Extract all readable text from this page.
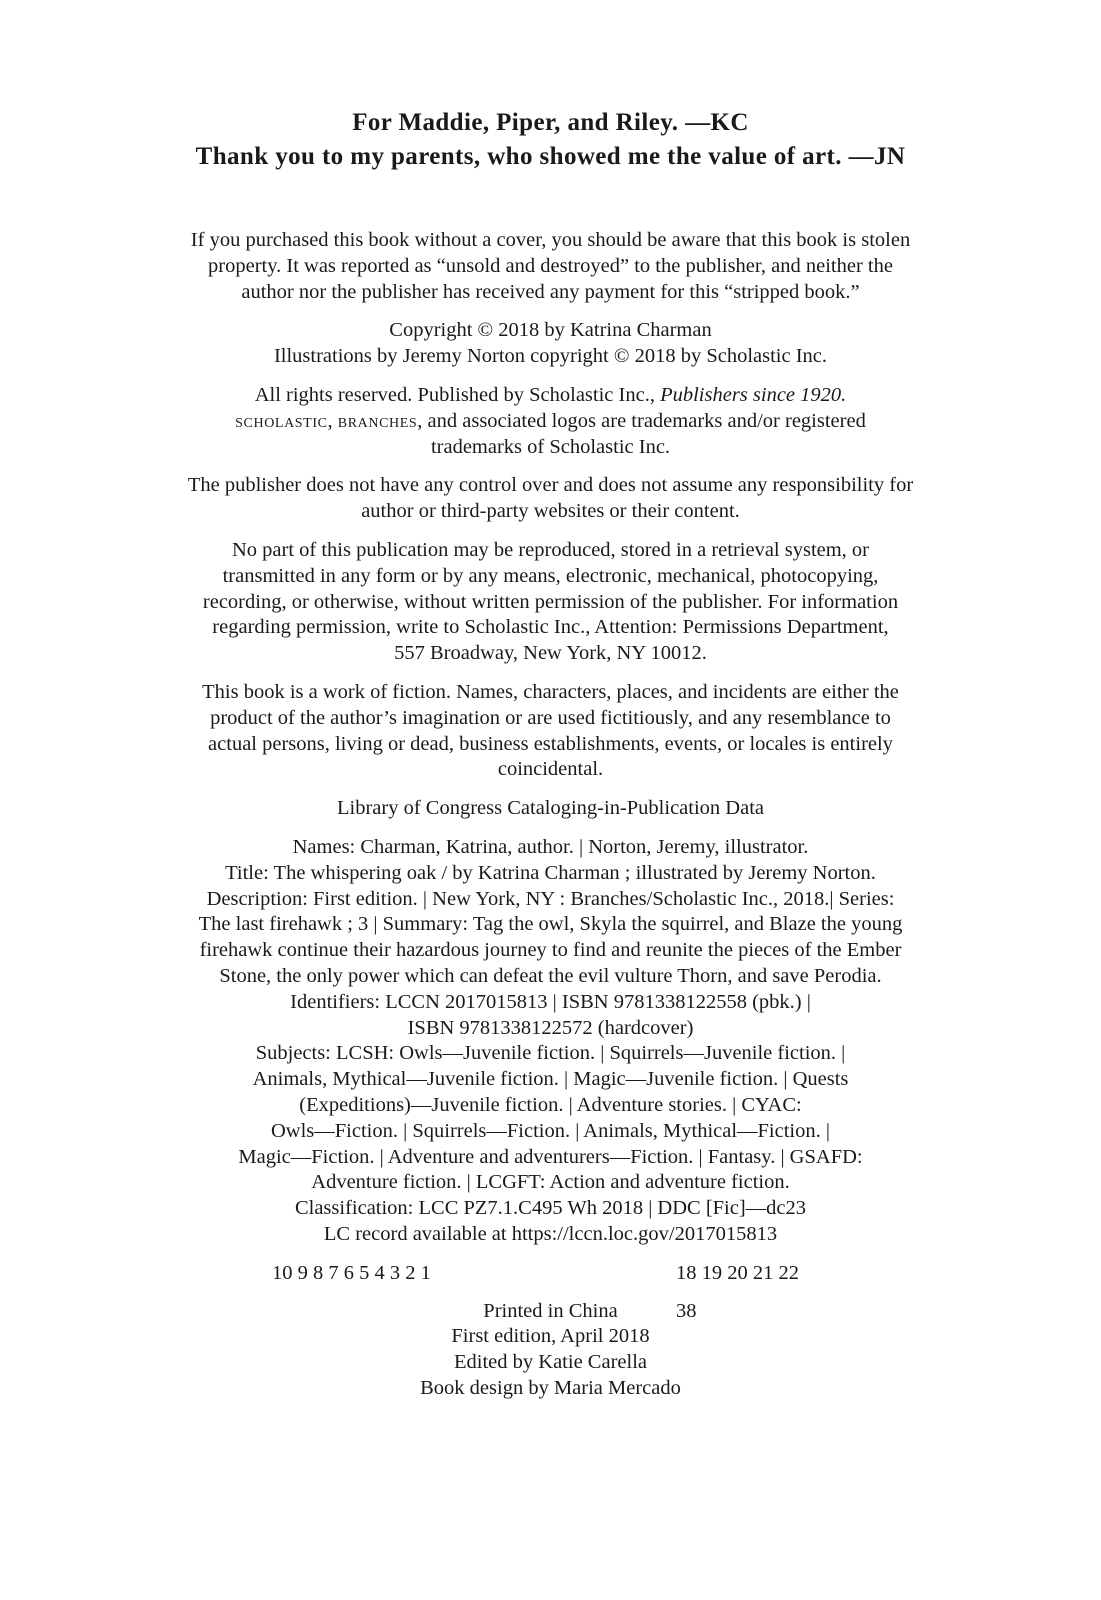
For Maddie, Piper, and Riley. —KC
Thank you to my parents, who showed me the value of art. —JN

If you purchased this book without a cover, you should be aware that this book is stolen
property. It was reported as “unsold and destroyed” to the publisher, and neither the
author nor the publisher has received any payment for this “stripped book.”

Copyright © 2018 by Katrina Charman
Illustrations by Jeremy Norton copyright © 2018 by Scholastic Inc.

All rights reserved. Published by Scholastic Inc., Publishers since 1920.
scholastic, branches, and associated logos are trademarks and/or registered
trademarks of Scholastic Inc.

The publisher does not have any control over and does not assume any responsibility for
author or third-party websites or their content.

No part of this publication may be reproduced, stored in a retrieval system, or
transmitted in any form or by any means, electronic, mechanical, photocopying,
recording, or otherwise, without written permission of the publisher. For information
regarding permission, write to Scholastic Inc., Attention: Permissions Department,
557 Broadway, New York, NY 10012.

This book is a work of fiction. Names, characters, places, and incidents are either the
product of the author’s imagination or are used fictitiously, and any resemblance to
actual persons, living or dead, business establishments, events, or locales is entirely
coincidental.

Library of Congress Cataloging-in-Publication Data

Names: Charman, Katrina, author. | Norton, Jeremy, illustrator.
Title: The whispering oak / by Katrina Charman ; illustrated by Jeremy Norton.
Description: First edition. | New York, NY : Branches/Scholastic Inc., 2018.| Series:
The last firehawk ; 3 | Summary: Tag the owl, Skyla the squirrel, and Blaze the young
firehawk continue their hazardous journey to find and reunite the pieces of the Ember
Stone, the only power which can defeat the evil vulture Thorn, and save Perodia.
Identifiers: LCCN 2017015813 | ISBN 9781338122558 (pbk.) |
ISBN 9781338122572 (hardcover)
Subjects: LCSH: Owls—Juvenile fiction. | Squirrels—Juvenile fiction. |
Animals, Mythical—Juvenile fiction. | Magic—Juvenile fiction. | Quests
(Expeditions)—Juvenile fiction. | Adventure stories. | CYAC:
Owls—Fiction. | Squirrels—Fiction. | Animals, Mythical—Fiction. |
Magic—Fiction. | Adventure and adventurers—Fiction. | Fantasy. | GSAFD:
Adventure fiction. | LCGFT: Action and adventure fiction.
Classification: LCC PZ7.1.C495 Wh 2018 | DDC [Fic]—dc23
LC record available at https://lccn.loc.gov/2017015813

10 9 8 7 6 5 4 3 2 1	18 19 20 21 22
38
Printed in China
First edition, April 2018
Edited by Katie Carella
Book design by Maria Mercado
